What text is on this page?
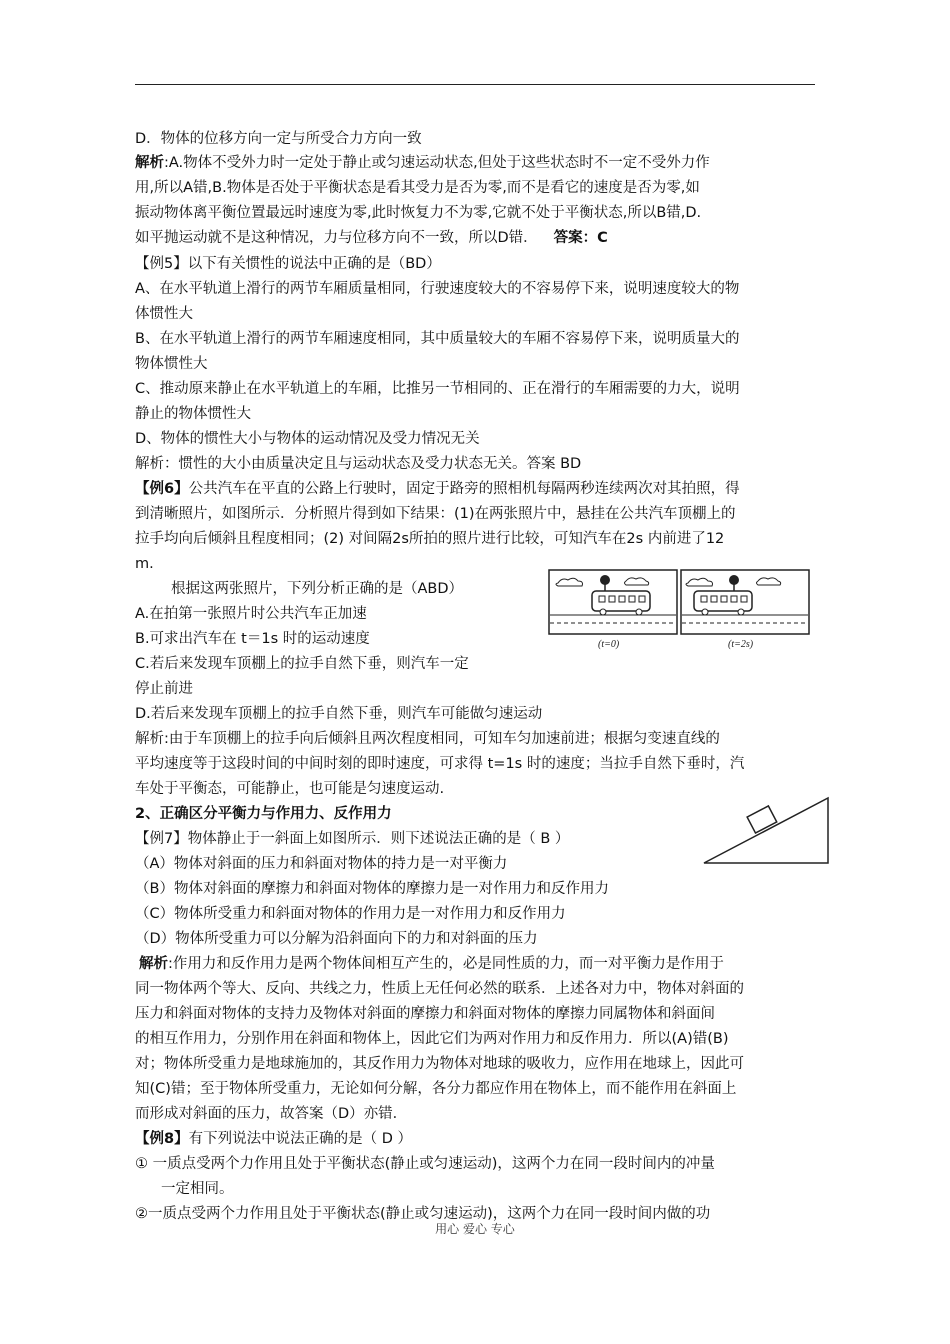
D．物体的位移方向一定与所受合力方向一致
解析:A.物体不受外力时一定处于静止或匀速运动状态,但处于这些状态时不一定不受外力作
用,所以A错,B.物体是否处于平衡状态是看其受力是否为零,而不是看它的速度是否为零,如
振动物体离平衡位置最远时速度为零,此时恢复力不为零,它就不处于平衡状态,所以B错,D.
如平抛运动就不是这种情况，力与位移方向不一致，所以D错． 答案：C
【例5】以下有关惯性的说法中正确的是（BD）
A、在水平轨道上滑行的两节车厢质量相同，行驶速度较大的不容易停下来，说明速度较大的物
体惯性大
B、在水平轨道上滑行的两节车厢速度相同，其中质量较大的车厢不容易停下来，说明质量大的
物体惯性大
C、推动原来静止在水平轨道上的车厢，比推另一节相同的、正在滑行的车厢需要的力大，说明
静止的物体惯性大
D、物体的惯性大小与物体的运动情况及受力情况无关
解析：惯性的大小由质量决定且与运动状态及受力状态无关。答案 BD
【例6】公共汽车在平直的公路上行驶时，固定于路旁的照相机每隔两秒连续两次对其拍照，得
到清晰照片，如图所示．分析照片得到如下结果：(1)在两张照片中，悬挂在公共汽车顶棚上的
拉手均向后倾斜且程度相同；(2) 对间隔2s所拍的照片进行比较，可知汽车在2s 内前进了12
m.
根据这两张照片，下列分析正确的是（ABD）
A.在拍第一张照片时公共汽车正加速
B.可求出汽车在 t＝1s 时的运动速度
C.若后来发现车顶棚上的拉手自然下垂，则汽车一定
停止前进
D.若后来发现车顶棚上的拉手自然下垂，则汽车可能做匀速运动
解析:由于车顶棚上的拉手向后倾斜且两次程度相同，可知车匀加速前进；根据匀变速直线的
平均速度等于这段时间的中间时刻的即时速度，可求得 t=1s 时的速度；当拉手自然下垂时，汽
车处于平衡态，可能静止，也可能是匀速度运动.
2、正确区分平衡力与作用力、反作用力
【例7】物体静止于一斜面上如图所示．则下述说法正确的是（ B ）
（A）物体对斜面的压力和斜面对物体的持力是一对平衡力
（B）物体对斜面的摩擦力和斜面对物体的摩擦力是一对作用力和反作用力
（C）物体所受重力和斜面对物体的作用力是一对作用力和反作用力
（D）物体所受重力可以分解为沿斜面向下的力和对斜面的压力
解析:作用力和反作用力是两个物体间相互产生的，必是同性质的力，而一对平衡力是作用于
同一物体两个等大、反向、共线之力，性质上无任何必然的联系．上述各对力中，物体对斜面的
压力和斜面对物体的支持力及物体对斜面的摩擦力和斜面对物体的摩擦力同属物体和斜面间
的相互作用力，分别作用在斜面和物体上，因此它们为两对作用力和反作用力．所以(A)错(B)
对；物体所受重力是地球施加的，其反作用力为物体对地球的吸收力，应作用在地球上，因此可
知(C)错；至于物体所受重力，无论如何分解，各分力都应作用在物体上，而不能作用在斜面上
而形成对斜面的压力，故答案（D）亦错．
【例8】有下列说法中说法正确的是（ D ）
① 一质点受两个力作用且处于平衡状态(静止或匀速运动)，这两个力在同一段时间内的冲量
一定相同。
②一质点受两个力作用且处于平衡状态(静止或匀速运动)，这两个力在同一段时间内做的功
(t=0)	(t=2s)
用心 爱心 专心
